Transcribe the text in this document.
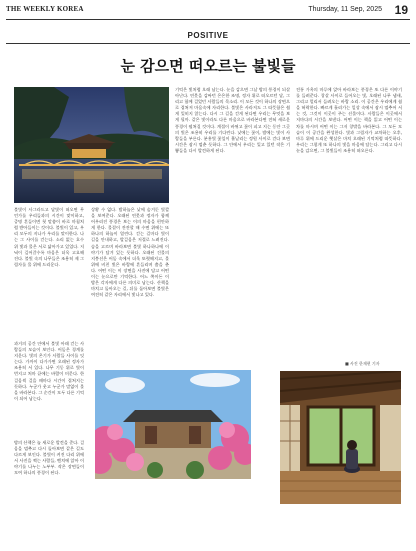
THE WEEKLY KOREA	Thursday, 11 Sep, 2025 19
POSITIVE
눈 감으면 떠오르는 불빛들
불빛이 사그라드고 달빛이 떠오면 무언가를 우리들과의 시간이 맞이하고, 증명 흔들이면 첫 말씀이 바로 마침처럼 받아들이는 것이다. 불빛이 있고, 우리 모두의 지나가 우리를 맞이한다. 나는 그 사이를 걷는다. 소리 없는 호수 위 빛과 물은 서로 닮아가고 있었다. 저녁이 깊어갈수록 마음은 더욱 고요해진다. 불빛 속의 나무들은 조용히 제 그림자를 물 위에 드리운다.
과거의 공간 안에서 불빛 아래 걷는 사람들의 모습이 보인다. 어둠은 경계를 지운다. 빛의 온기가 사람들 사이를 잇는다. 가까이 다가가면 오래된 정자가 조용히 서 있다. 나무 기둥 위로 빛이 번지고 처마 끝에는 바람이 머문다. 한 걸음씩 걸을 때마다 시간이 겹쳐지는 듯하다. 누군가 웃고 누군가 말없이 물을 바라본다. 그 순간이 모두 다른 기억이 되어 남는다.
밤의 산책은 늘 새로운 발견을 준다. 걸음을 멈추고 다시 돌아보면 같은 길도 다르게 보인다. 불빛이 켜진 다리 위에서 사진을 찍는 사람들, 벤치에 앉아 이야기를 나누는 노부부. 작은 장면들이 모여 하나의 풍경이 된다.
상황 수 없다. 밤하늘은 낮에 숨겨둔 빛깔을 보여준다. 오래된 연못과 정자가 함께 어우러진 풍경은 보는 이의 마음을 편안하게 한다. 물결이 잔잔할 때 수면 위에는 또 하나의 하늘이 열린다. 걷는 길마다 빛이 길을 안내하고, 발걸음은 저절로 느려진다. 숨을 고르며 바라보면 불빛 하나하나에 이야기가 담겨 있는 듯하다. 오래된 건물의 지붕선은 어둠 속에서 더욱 또렷해지고, 물 위에 비친 빛은 바람에 흔들리며 춤을 춘다. 어떤 이는 이 장면을 사진에 담고 어떤 이는 눈으로만 기억한다. 어느 쪽이든 이 밤은 각자에게 다른 의미로 남는다. 산책을 마치고 돌아오는 길, 뒤를 돌아보면 불빛은 여전히 같은 자리에서 빛나고 있다.
기억은 빛처럼 오래 남는다. 눈을 감으면 그날 밤의 풍경이 되살아난다. 연못을 감싸던 은은한 조명, 정자 위로 떠오르던 달, 그리고 함께 걸었던 사람들의 목소리. 이 모든 것이 하나의 장면으로 겹쳐져 마음속에 자리한다. 불빛은 사라져도 그 따뜻함은 쉽게 잊히지 않는다. 다시 그 길을 걷게 된다면 우리는 무엇을 보게 될까. 같은 빛이라도 다른 마음으로 바라본다면 전혀 새로운 풍경이 펼쳐질 것이다. 계절이 바뀌고 꽃이 피고 지는 동안 그곳의 빛은 조용히 우리를 기다린다. 낮에는 꽃이, 밤에는 빛이 사람들을 부른다. 분홍빛 꽃잎이 흩날리는 정원 사이로 걷다 보면 시간은 잠시 멈춘 듯하다. 그 안에서 우리는 잊고 있던 작은 기쁨들을 다시 발견하게 된다.
전통 가옥의 마루에 앉아 바라보는 풍경은 또 다른 이야기를 들려준다. 창살 사이로 들어오는 빛, 오래된 나무 냄새, 그리고 멀리서 들려오는 바람 소리. 이 공간은 우리에게 쉼을 허락한다. 빠르게 흘러가는 일상 속에서 잠시 멈추어 서는 것, 그것이 이곳이 주는 선물이다. 사람들은 이곳에서 저마다의 시간을 보낸다. 어떤 이는 책을 읽고 어떤 이는 차를 마시며 어떤 이는 그저 창밖을 바라본다. 그 모든 모습이 이 공간을 완성한다. 빛과 그림자가 교차하는 오후, 마루 위에 드리운 햇살은 마치 오래된 기억처럼 따뜻하다. 우리는 그렇게 또 하나의 빛을 마음에 담는다. 그리고 다시 눈을 감으면, 그 불빛들이 조용히 떠오른다.
■ 사진 한재현 기자
